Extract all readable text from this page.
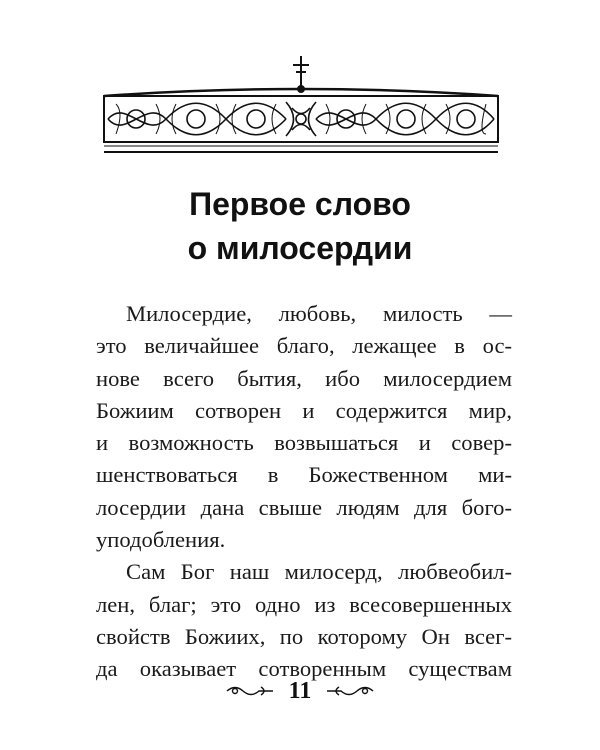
Первое слово
о милосердии
Милосердие, любовь, милость —
это величайшее благо, лежащее в ос-
нове всего бытия, ибо милосердием
Божиим сотворен и содержится мир,
и возможность возвышаться и совер-
шенствоваться в Божественном ми-
лосердии дана свыше людям для бого-
уподобления.
Сам Бог наш милосерд, любвеобил-
лен, благ; это одно из всесовершенных
свойств Божиих, по которому Он всег-
да оказывает сотворенным существам
11
